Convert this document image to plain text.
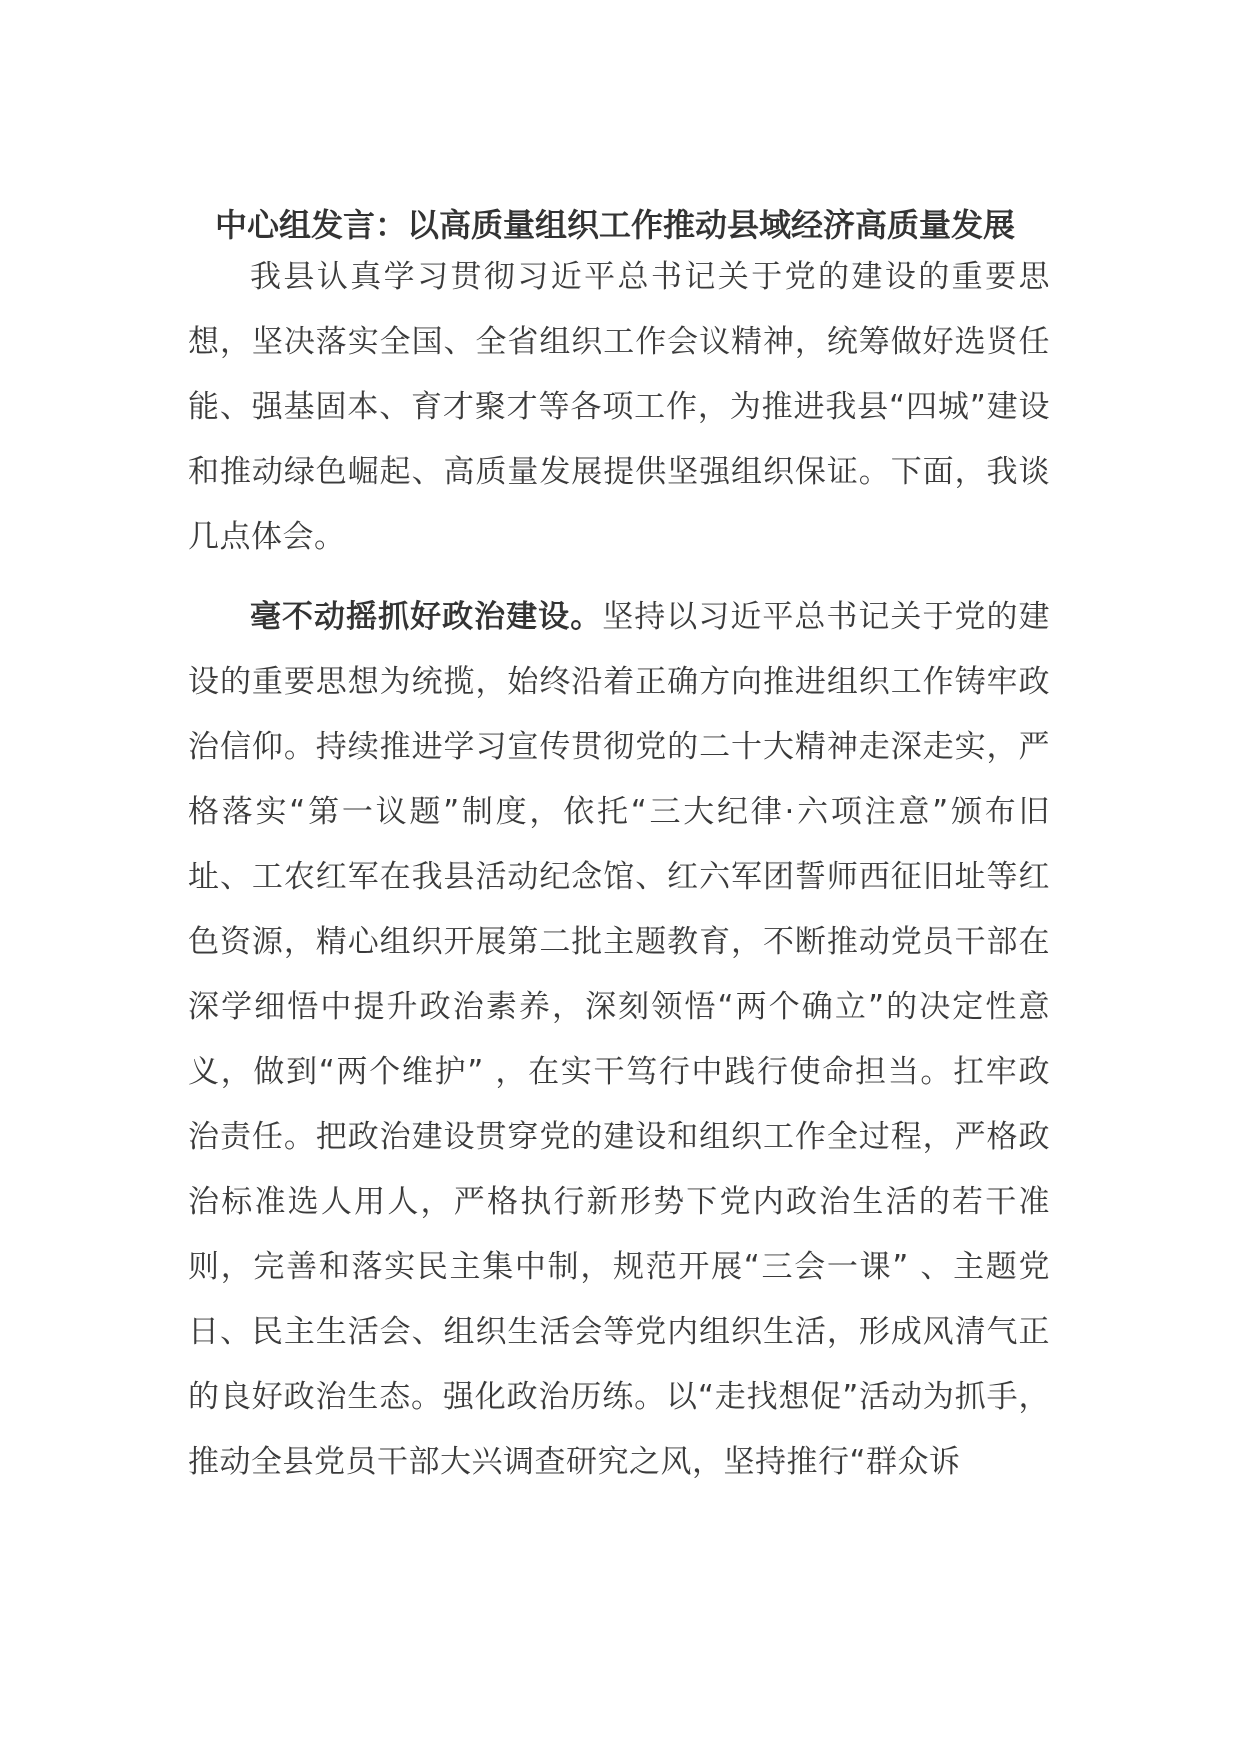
中心组发言：以高质量组织工作推动县域经济高质量发展

我县认真学习贯彻习近平总书记关于党的建设的重要思想，坚决落实全国、全省组织工作会议精神，统筹做好选贤任能、强基固本、育才聚才等各项工作，为推进我县“四城”建设和推动绿色崛起、高质量发展提供坚强组织保证。下面，我谈几点体会。

毫不动摇抓好政治建设。坚持以习近平总书记关于党的建设的重要思想为统揽，始终沿着正确方向推进组织工作铸牢政治信仰。持续推进学习宣传贯彻党的二十大精神走深走实，严格落实“第一议题”制度，依托“三大纪律·六项注意”颁布旧址、工农红军在我县活动纪念馆、红六军团誓师西征旧址等红色资源，精心组织开展第二批主题教育，不断推动党员干部在深学细悟中提升政治素养，深刻领悟“两个确立”的决定性意义，做到“两个维护” ，在实干笃行中践行使命担当。扛牢政治责任。把政治建设贯穿党的建设和组织工作全过程，严格政治标准选人用人，严格执行新形势下党内政治生活的若干准则，完善和落实民主集中制，规范开展“三会一课” 、主题党日、民主生活会、组织生活会等党内组织生活，形成风清气正的良好政治生态。强化政治历练。以“走找想促”活动为抓手，推动全县党员干部大兴调查研究之风，坚持推行“群众诉
